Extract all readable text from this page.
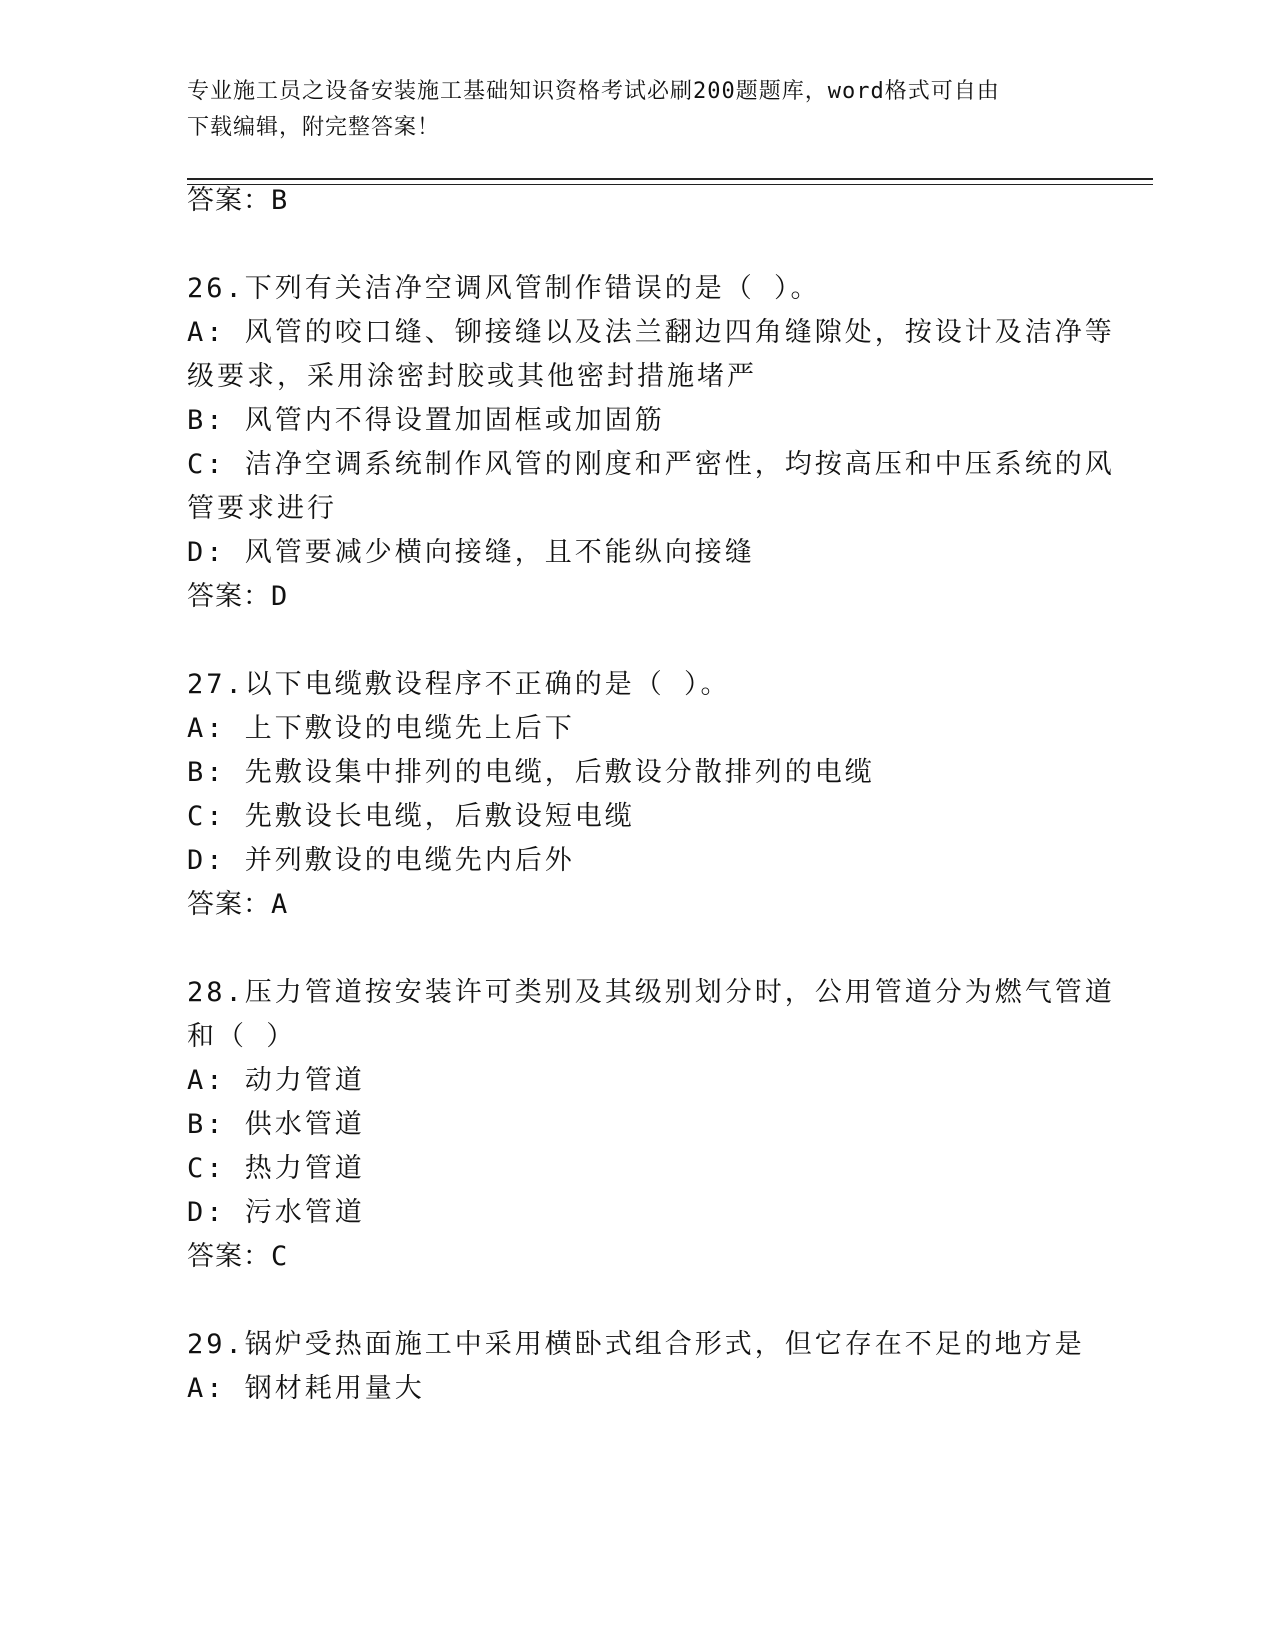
专业施工员之设备安装施工基础知识资格考试必刷200题题库，word格式可自由
下载编辑，附完整答案！
答案：B
26.下列有关洁净空调风管制作错误的是（ ）。
A: 风管的咬口缝、铆接缝以及法兰翻边四角缝隙处，按设计及洁净等
级要求，采用涂密封胶或其他密封措施堵严
B: 风管内不得设置加固框或加固筋
C: 洁净空调系统制作风管的刚度和严密性，均按高压和中压系统的风
管要求进行
D: 风管要减少横向接缝，且不能纵向接缝
答案：D
27.以下电缆敷设程序不正确的是（ ）。
A: 上下敷设的电缆先上后下
B: 先敷设集中排列的电缆，后敷设分散排列的电缆
C: 先敷设长电缆，后敷设短电缆
D: 并列敷设的电缆先内后外
答案：A
28.压力管道按安装许可类别及其级别划分时，公用管道分为燃气管道
和（ ）
A: 动力管道
B: 供水管道
C: 热力管道
D: 污水管道
答案：C
29.锅炉受热面施工中采用横卧式组合形式，但它存在不足的地方是
A: 钢材耗用量大
